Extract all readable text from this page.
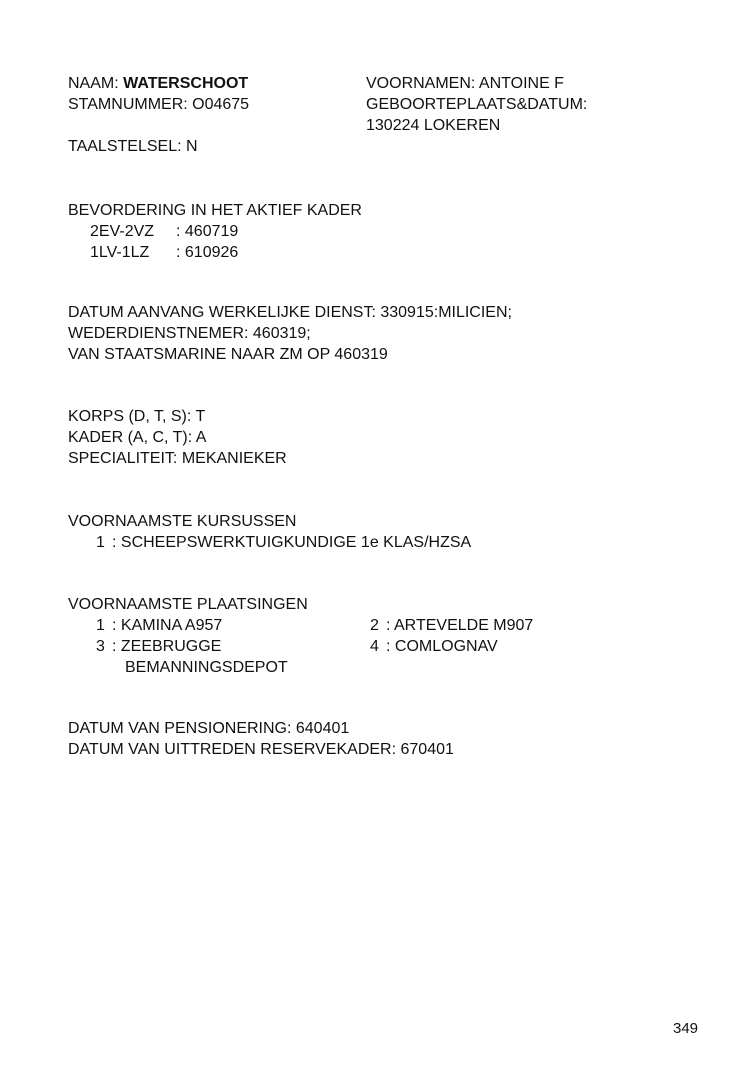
NAAM: WATERSCHOOT
STAMNUMMER: O04675
VOORNAMEN: ANTOINE F
GEBOORTEPLAATS&DATUM:
130224 LOKEREN
TAALSTELSEL: N
BEVORDERING IN HET AKTIEF KADER
2EV-2VZ : 460719
1LV-1LZ : 610926
DATUM AANVANG WERKELIJKE DIENST: 330915:MILICIEN;
WEDERDIENSTNEMER: 460319;
VAN STAATSMARINE NAAR ZM OP 460319
KORPS (D, T, S): T
KADER (A, C, T): A
SPECIALITEIT: MEKANIEKER
VOORNAAMSTE KURSUSSEN
1 : SCHEEPSWERKTUIGKUNDIGE 1e KLAS/HZSA
VOORNAAMSTE PLAATSINGEN
1 : KAMINA A957
3 : ZEEBRUGGE
BEMANNINGSDEPOT
2 : ARTEVELDE M907
4 : COMLOGNAV
DATUM VAN PENSIONERING: 640401
DATUM VAN UITTREDEN RESERVEKADER: 670401
349
